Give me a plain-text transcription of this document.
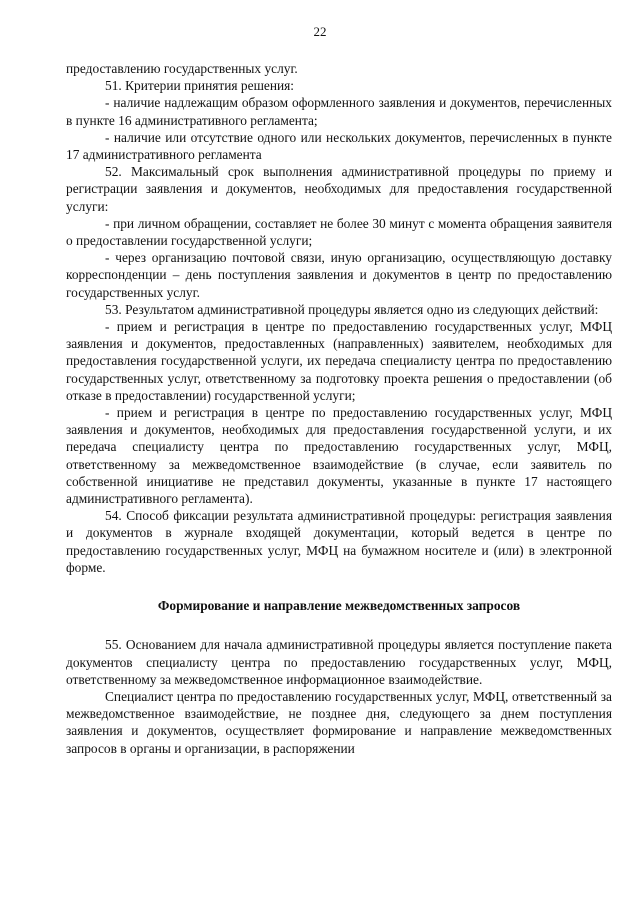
22

предоставлению государственных услуг.

51. Критерии принятия решения:

- наличие надлежащим образом оформленного заявления и документов, перечисленных в пункте 16 административного регламента;

- наличие или отсутствие одного или нескольких документов, перечисленных в пункте 17 административного регламента

52. Максимальный срок выполнения административной процедуры по приему и регистрации заявления и документов, необходимых для предоставления государственной услуги:

- при личном обращении, составляет не более 30 минут с момента обращения заявителя о предоставлении государственной услуги;

- через организацию почтовой связи, иную организацию, осуществляющую доставку корреспонденции – день поступления заявления и документов в центр по предоставлению государственных услуг.

53. Результатом административной процедуры является одно из следующих действий:

- прием и регистрация в центре по предоставлению государственных услуг, МФЦ заявления и документов, предоставленных (направленных) заявителем, необходимых для предоставления государственной услуги, их передача специалисту центра по предоставлению государственных услуг, ответственному за подготовку проекта решения о предоставлении (об отказе в предоставлении) государственной услуги;

- прием и регистрация в центре по предоставлению государственных услуг, МФЦ заявления и документов, необходимых для предоставления государственной услуги, и их передача специалисту центра по предоставлению государственных услуг, МФЦ, ответственному за межведомственное взаимодействие (в случае, если заявитель по собственной инициативе не представил документы, указанные в пункте 17 настоящего административного регламента).

54. Способ фиксации результата административной процедуры: регистрация заявления и документов в журнале входящей документации, который ведется в центре по предоставлению государственных услуг, МФЦ на бумажном носителе и (или) в электронной форме.

Формирование и направление межведомственных запросов

55. Основанием для начала административной процедуры является поступление пакета документов специалисту центра по предоставлению государственных услуг, МФЦ, ответственному за межведомственное информационное взаимодействие.

Специалист центра по предоставлению государственных услуг, МФЦ, ответственный за межведомственное взаимодействие, не позднее дня, следующего за днем поступления заявления и документов, осуществляет формирование и направление межведомственных запросов в органы и организации, в распоряжении
